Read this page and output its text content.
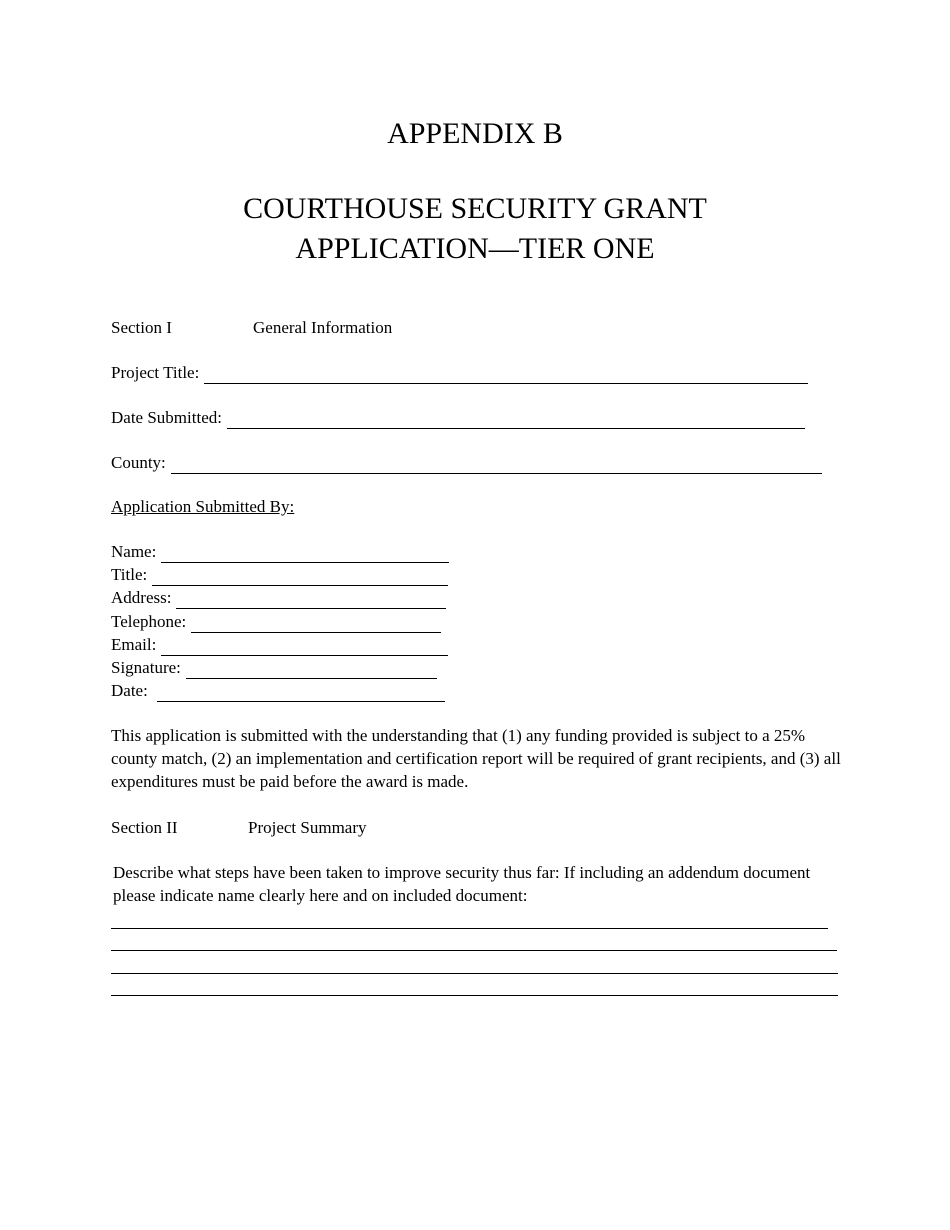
APPENDIX B
COURTHOUSE SECURITY GRANT
APPLICATION—TIER ONE
Section I	General Information
Project Title:
Date Submitted:
County:
Application Submitted By:
Name:
Title:
Address:
Telephone:
Email:
Signature:
Date:
This application is submitted with the understanding that (1) any funding provided is subject to a 25% county match, (2) an implementation and certification report will be required of grant recipients, and (3) all expenditures must be paid before the award is made.
Section II	Project Summary
Describe what steps have been taken to improve security thus far: If including an addendum document please indicate name clearly here and on included document:
